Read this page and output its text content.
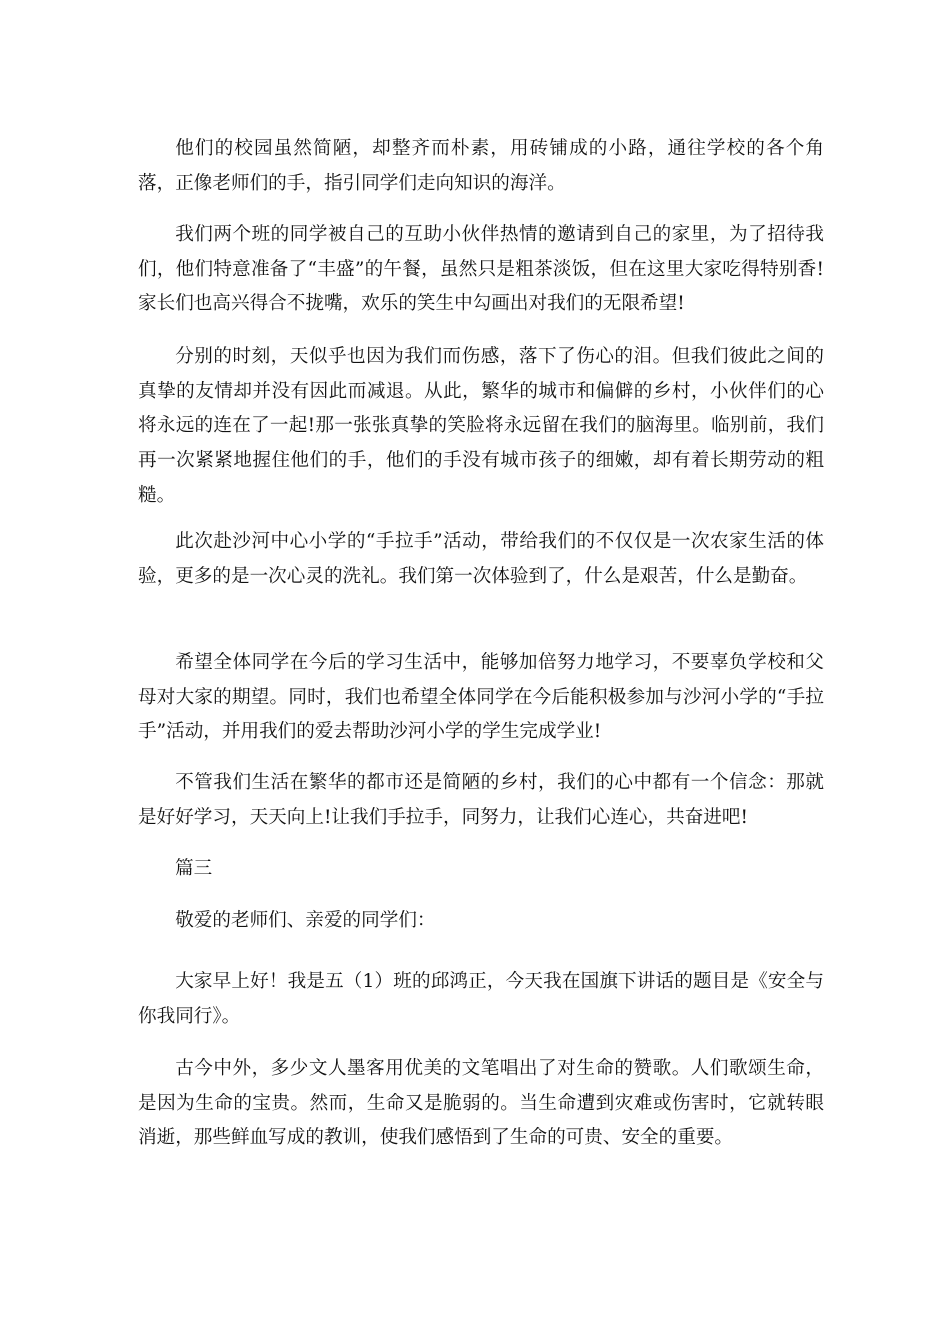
他们的校园虽然简陋，却整齐而朴素，用砖铺成的小路，通往学校的各个角落，正像老师们的手，指引同学们走向知识的海洋。

我们两个班的同学被自己的互助小伙伴热情的邀请到自己的家里，为了招待我们，他们特意准备了“丰盛”的午餐，虽然只是粗茶淡饭，但在这里大家吃得特别香!家长们也高兴得合不拢嘴，欢乐的笑生中勾画出对我们的无限希望!

分别的时刻，天似乎也因为我们而伤感，落下了伤心的泪。但我们彼此之间的真挚的友情却并没有因此而减退。从此，繁华的城市和偏僻的乡村，小伙伴们的心将永远的连在了一起!那一张张真挚的笑脸将永远留在我们的脑海里。临别前，我们再一次紧紧地握住他们的手，他们的手没有城市孩子的细嫩，却有着长期劳动的粗糙。

此次赴沙河中心小学的“手拉手”活动，带给我们的不仅仅是一次农家生活的体验，更多的是一次心灵的洗礼。我们第一次体验到了，什么是艰苦，什么是勤奋。

希望全体同学在今后的学习生活中，能够加倍努力地学习，不要辜负学校和父母对大家的期望。同时，我们也希望全体同学在今后能积极参加与沙河小学的“手拉手”活动，并用我们的爱去帮助沙河小学的学生完成学业!

不管我们生活在繁华的都市还是简陋的乡村，我们的心中都有一个信念：那就是好好学习，天天向上!让我们手拉手，同努力，让我们心连心，共奋进吧!

篇三

敬爱的老师们、亲爱的同学们：

大家早上好！我是五（1）班的邱鸿正，今天我在国旗下讲话的题目是《安全与你我同行》。

古今中外，多少文人墨客用优美的文笔唱出了对生命的赞歌。人们歌颂生命，是因为生命的宝贵。然而，生命又是脆弱的。当生命遭到灾难或伤害时，它就转眼消逝，那些鲜血写成的教训，使我们感悟到了生命的可贵、安全的重要。
